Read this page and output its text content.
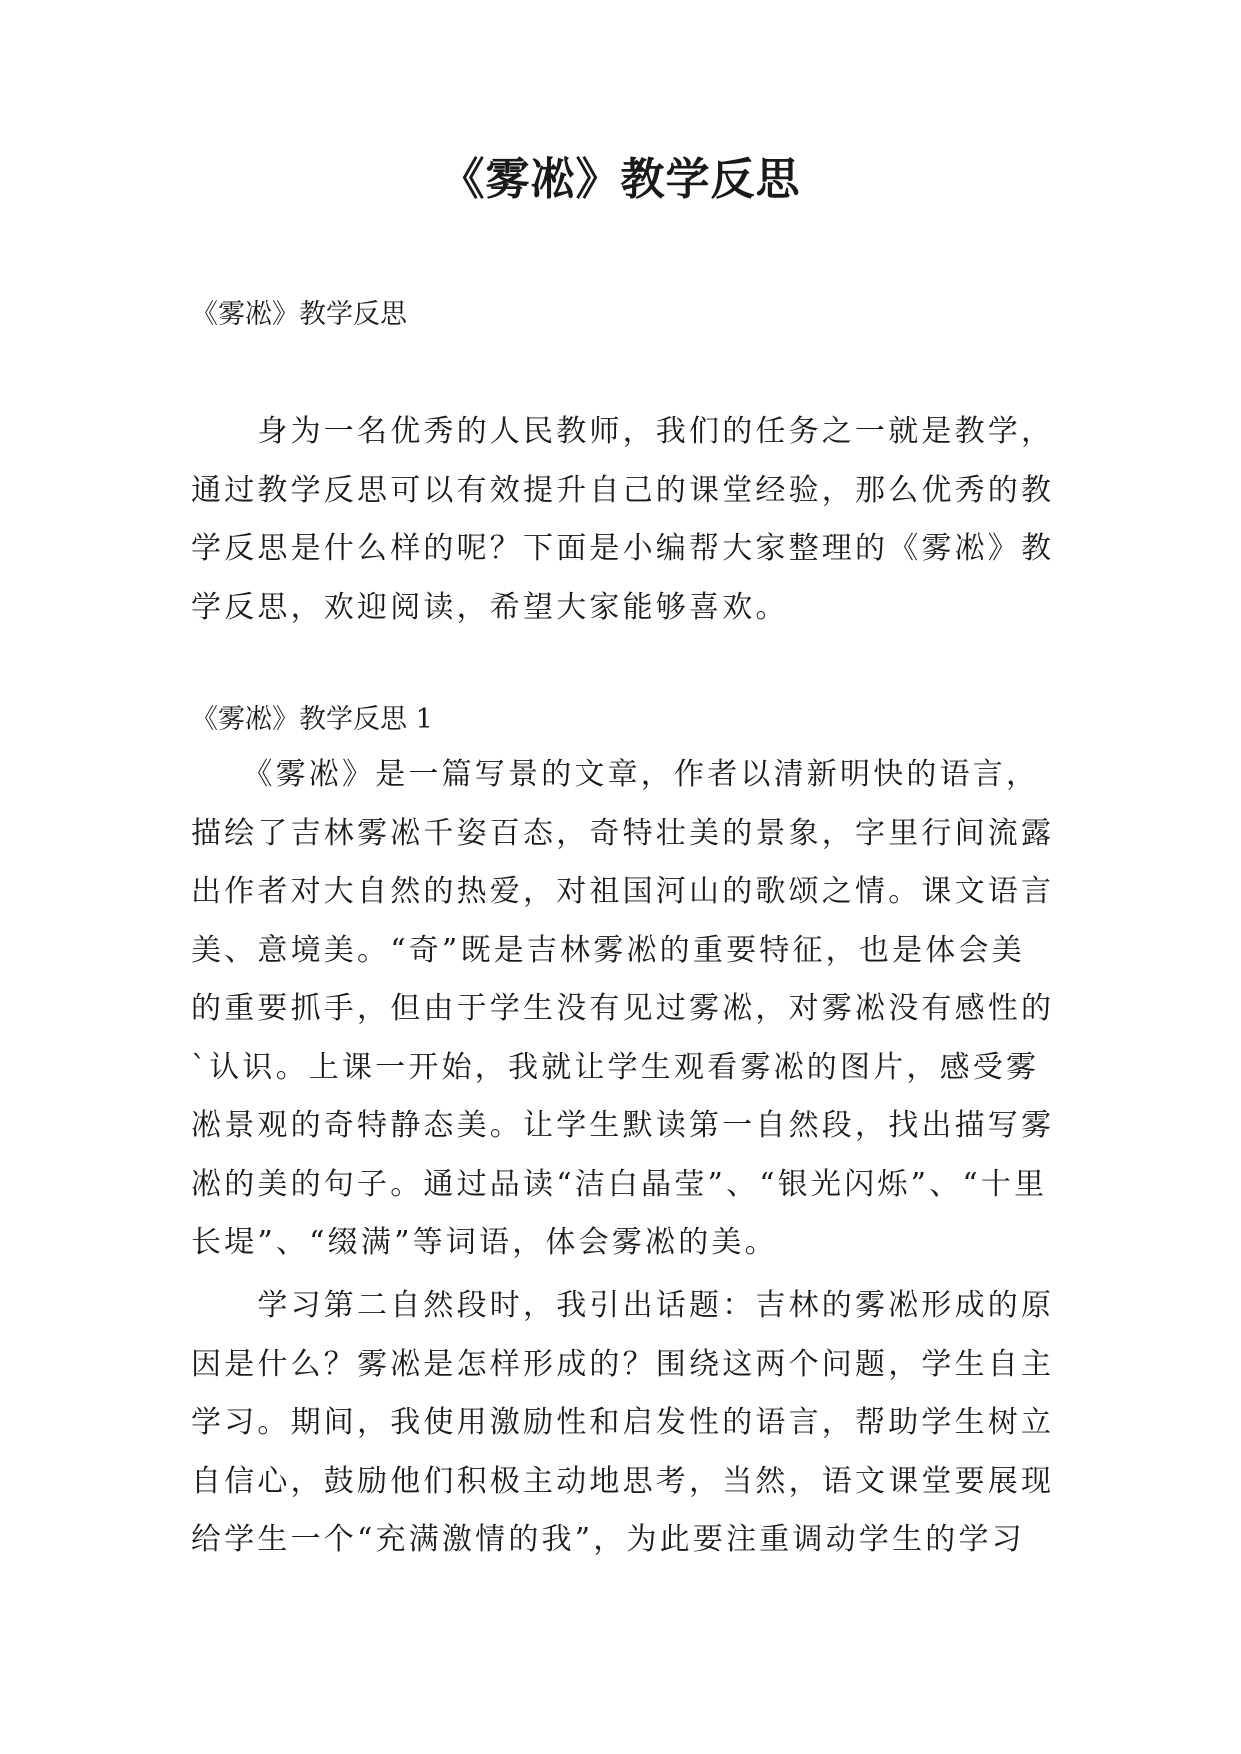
《雾凇》教学反思

《雾凇》教学反思

　　身为一名优秀的人民教师，我们的任务之一就是教学，
通过教学反思可以有效提升自己的课堂经验，那么优秀的教
学反思是什么样的呢？下面是小编帮大家整理的《雾凇》教
学反思，欢迎阅读，希望大家能够喜欢。

《雾凇》教学反思 1

　　《雾凇》是一篇写景的文章，作者以清新明快的语言，
描绘了吉林雾凇千姿百态，奇特壮美的景象，字里行间流露
出作者对大自然的热爱，对祖国河山的歌颂之情。课文语言
美、意境美。“奇”既是吉林雾凇的重要特征，也是体会美
的重要抓手，但由于学生没有见过雾凇，对雾凇没有感性的
`认识。上课一开始，我就让学生观看雾凇的图片，感受雾
凇景观的奇特静态美。让学生默读第一自然段，找出描写雾
凇的美的句子。通过品读“洁白晶莹”、“银光闪烁”、“十里
长堤”、“缀满”等词语，体会雾凇的美。
　　学习第二自然段时，我引出话题：吉林的雾凇形成的原
因是什么？雾凇是怎样形成的？围绕这两个问题，学生自主
学习。期间，我使用激励性和启发性的语言，帮助学生树立
自信心，鼓励他们积极主动地思考，当然，语文课堂要展现
给学生一个“充满激情的我”，为此要注重调动学生的学习
